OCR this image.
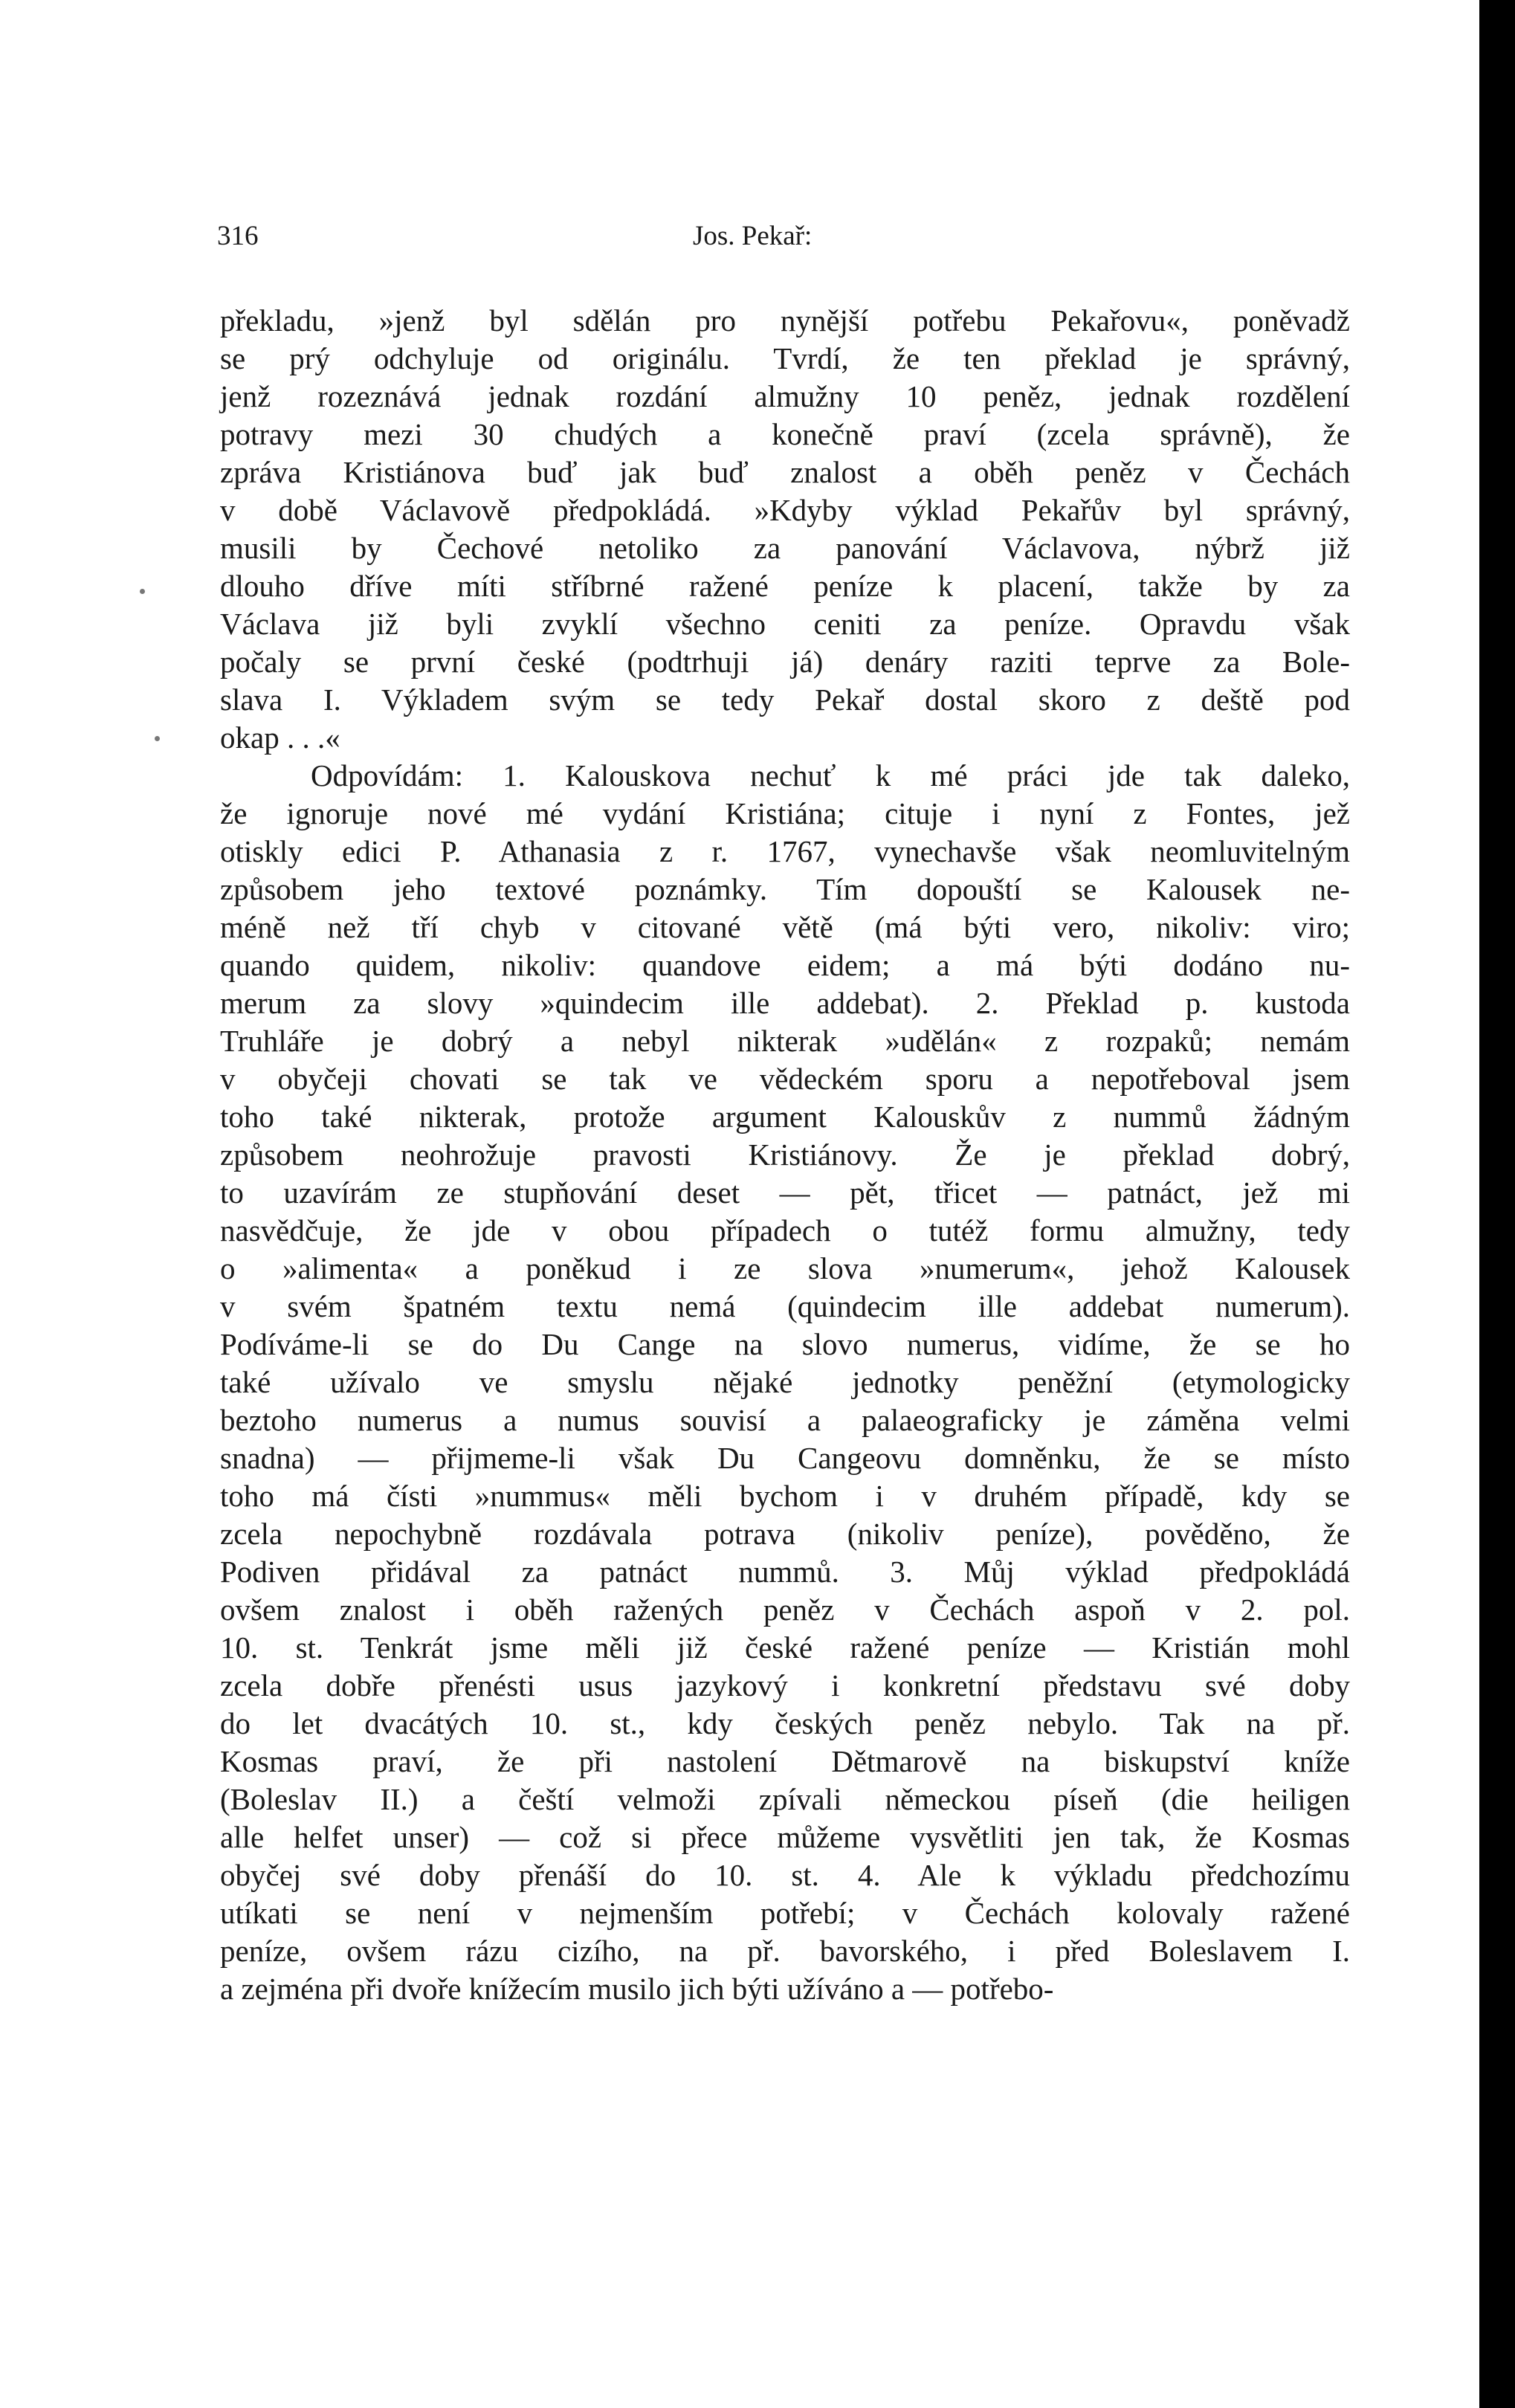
316	Jos. Pekař:
překladu, »jenž byl sdělán pro nynější potřebu Pekařovu«, poněvadž
se prý odchyluje od originálu. Tvrdí, že ten překlad je správný,
jenž rozeznává jednak rozdání almužny 10 peněz, jednak rozdělení
potravy mezi 30 chudých a konečně praví (zcela správně), že
zpráva Kristiánova buď jak buď znalost a oběh peněz v Čechách
v době Václavově předpokládá. »Kdyby výklad Pekařův byl správný,
musili by Čechové netoliko za panování Václavova, nýbrž již
dlouho dříve míti stříbrné ražené peníze k placení, takže by za
Václava již byli zvyklí všechno ceniti za peníze. Opravdu však
počaly se první české (podtrhuji já) denáry raziti teprve za Bole-
slava I. Výkladem svým se tedy Pekař dostal skoro z deště pod
okap . . .«
Odpovídám: 1. Kalouskova nechuť k mé práci jde tak daleko,
že ignoruje nové mé vydání Kristiána; cituje i nyní z Fontes, jež
otiskly edici P. Athanasia z r. 1767, vynechavše však neomluvitelným
způsobem jeho textové poznámky. Tím dopouští se Kalousek ne-
méně než tří chyb v citované větě (má býti vero, nikoliv: viro;
quando quidem, nikoliv: quandove eidem; a má býti dodáno nu-
merum za slovy »quindecim ille addebat). 2. Překlad p. kustoda
Truhláře je dobrý a nebyl nikterak »udělán« z rozpaků; nemám
v obyčeji chovati se tak ve vědeckém sporu a nepotřeboval jsem
toho také nikterak, protože argument Kalouskův z nummů žádným
způsobem neohrožuje pravosti Kristiánovy. Že je překlad dobrý,
to uzavírám ze stupňování deset — pět, třicet — patnáct, jež mi
nasvědčuje, že jde v obou případech o tutéž formu almužny, tedy
o »alimenta« a poněkud i ze slova »numerum«, jehož Kalousek
v svém špatném textu nemá (quindecim ille addebat numerum).
Podíváme-li se do Du Cange na slovo numerus, vidíme, že se ho
také užívalo ve smyslu nějaké jednotky peněžní (etymologicky
beztoho numerus a numus souvisí a palaeograficky je záměna velmi
snadna) — přijmeme-li však Du Cangeovu domněnku, že se místo
toho má čísti »nummus« měli bychom i v druhém případě, kdy se
zcela nepochybně rozdávala potrava (nikoliv peníze), pověděno, že
Podiven přidával za patnáct nummů. 3. Můj výklad předpokládá
ovšem znalost i oběh ražených peněz v Čechách aspoň v 2. pol.
10. st. Tenkrát jsme měli již české ražené peníze — Kristián mohl
zcela dobře přenésti usus jazykový i konkretní představu své doby
do let dvacátých 10. st., kdy českých peněz nebylo. Tak na př.
Kosmas praví, že při nastolení Dětmarově na biskupství kníže
(Boleslav II.) a čeští velmoži zpívali německou píseň (die heiligen
alle helfet unser) — což si přece můžeme vysvětliti jen tak, že Kosmas
obyčej své doby přenáší do 10. st. 4. Ale k výkladu předchozímu
utíkati se není v nejmenším potřebí; v Čechách kolovaly ražené
peníze, ovšem rázu cizího, na př. bavorského, i před Boleslavem I.
a zejména při dvoře knížecím musilo jich býti užíváno a — potřebo-
